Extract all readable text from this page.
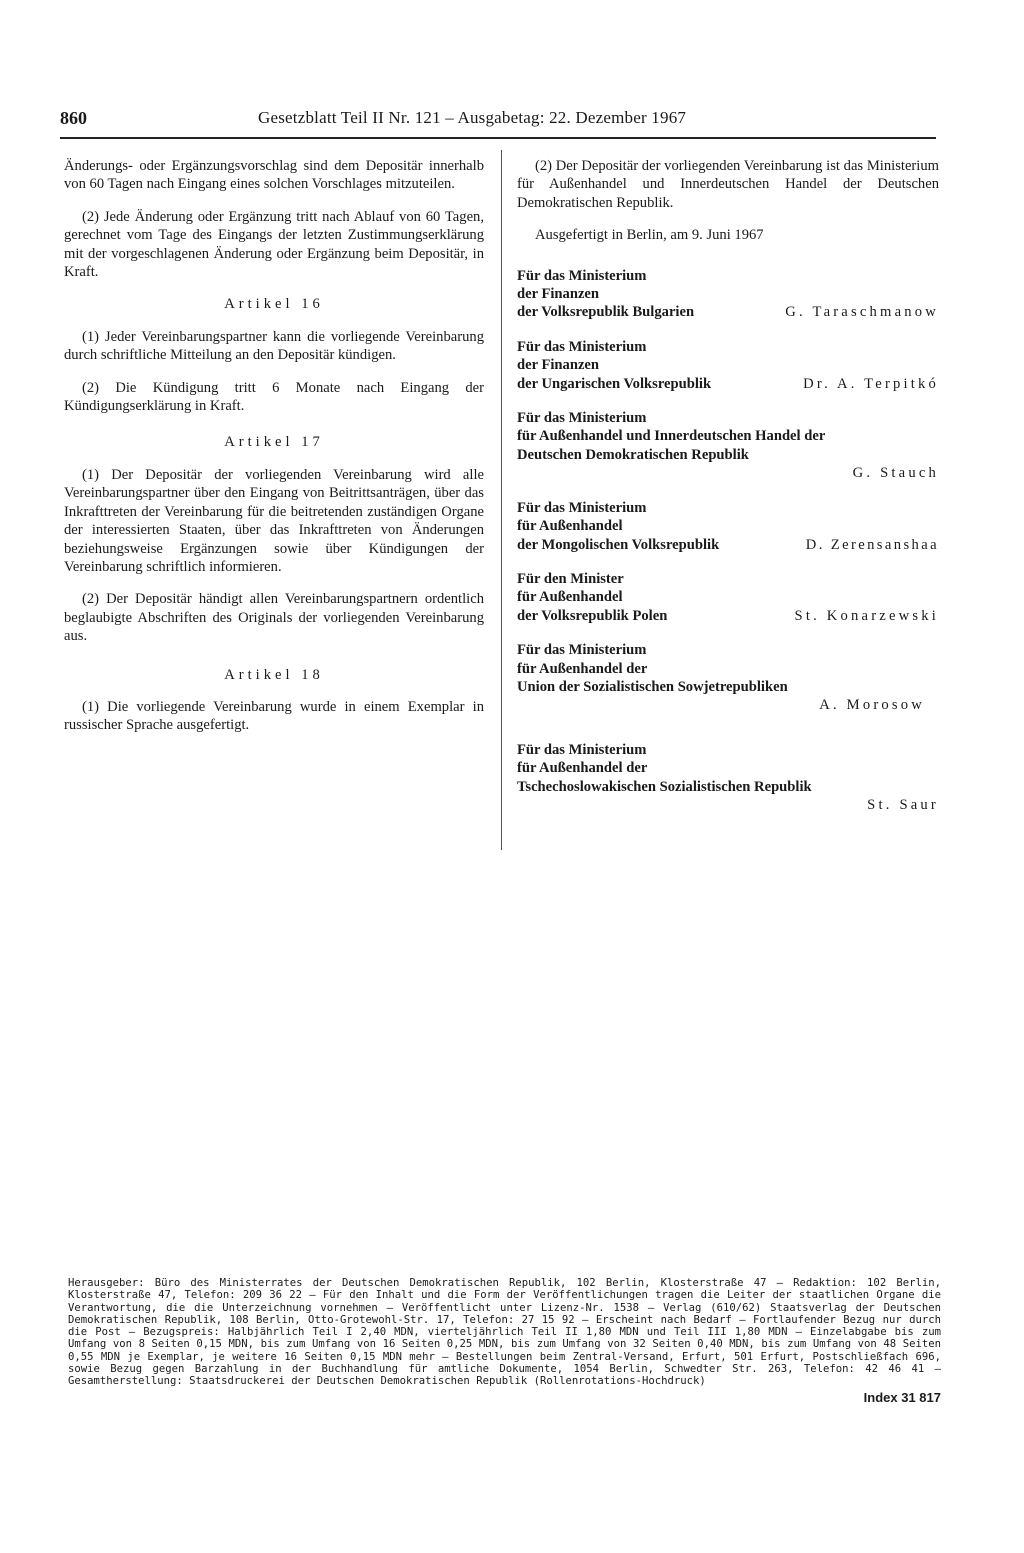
860	Gesetzblatt Teil II Nr. 121 – Ausgabetag: 22. Dezember 1967

Änderungs- oder Ergänzungsvorschlag sind dem Depositär innerhalb von 60 Tagen nach Eingang eines solchen Vorschlages mitzuteilen.

(2) Jede Änderung oder Ergänzung tritt nach Ablauf von 60 Tagen, gerechnet vom Tage des Eingangs der letzten Zustimmungserklärung mit der vorgeschlagenen Änderung oder Ergänzung beim Depositär, in Kraft.

Artikel 16

(1) Jeder Vereinbarungspartner kann die vorliegende Vereinbarung durch schriftliche Mitteilung an den Depositär kündigen.

(2) Die Kündigung tritt 6 Monate nach Eingang der Kündigungserklärung in Kraft.

Artikel 17

(1) Der Depositär der vorliegenden Vereinbarung wird alle Vereinbarungspartner über den Eingang von Beitrittsanträgen, über das Inkrafttreten der Vereinbarung für die beitretenden zuständigen Organe der interessierten Staaten, über das Inkrafttreten von Änderungen beziehungsweise Ergänzungen sowie über Kündigungen der Vereinbarung schriftlich informieren.

(2) Der Depositär händigt allen Vereinbarungspartnern ordentlich beglaubigte Abschriften des Originals der vorliegenden Vereinbarung aus.

Artikel 18

(1) Die vorliegende Vereinbarung wurde in einem Exemplar in russischer Sprache ausgefertigt.

(2) Der Depositär der vorliegenden Vereinbarung ist das Ministerium für Außenhandel und Innerdeutschen Handel der Deutschen Demokratischen Republik.

Ausgefertigt in Berlin, am 9. Juni 1967

Für das Ministerium
der Finanzen
der Volksrepublik Bulgarien	G. Taraschmanow
Für das Ministerium
der Finanzen
der Ungarischen Volksrepublik	Dr. A. Terpitkó
Für das Ministerium
für Außenhandel und Innerdeutschen Handel der
Deutschen Demokratischen Republik
G. Stauch
Für das Ministerium
für Außenhandel
der Mongolischen Volksrepublik	D. Zerensanshaa
Für den Minister
für Außenhandel
der Volksrepublik Polen	St. Konarzewski
Für das Ministerium
für Außenhandel der
Union der Sozialistischen Sowjetrepubliken
A. Morosow
Für das Ministerium
für Außenhandel der
Tschechoslowakischen Sozialistischen Republik
St. Saur
Herausgeber: Büro des Ministerrates der Deutschen Demokratischen Republik, 102 Berlin, Klosterstraße 47 – Redaktion: 102 Berlin, Klosterstraße 47, Telefon: 209 36 22 – Für den Inhalt und die Form der Veröffentlichungen tragen die Leiter der staatlichen Organe die Verantwortung, die die Unterzeichnung vornehmen – Veröffentlicht unter Lizenz-Nr. 1538 – Verlag (610/62) Staatsverlag der Deutschen Demokratischen Republik, 108 Berlin, Otto-Grotewohl-Str. 17, Telefon: 27 15 92 – Erscheint nach Bedarf – Fortlaufender Bezug nur durch die Post – Bezugspreis: Halbjährlich Teil I 2,40 MDN, vierteljährlich Teil II 1,80 MDN und Teil III 1,80 MDN – Einzelabgabe bis zum Umfang von 8 Seiten 0,15 MDN, bis zum Umfang von 16 Seiten 0,25 MDN, bis zum Umfang von 32 Seiten 0,40 MDN, bis zum Umfang von 48 Seiten 0,55 MDN je Exemplar, je weitere 16 Seiten 0,15 MDN mehr – Bestellungen beim Zentral-Versand, Erfurt, 501 Erfurt, Postschließfach 696, sowie Bezug gegen Barzahlung in der Buchhandlung für amtliche Dokumente, 1054 Berlin, Schwedter Str. 263, Telefon: 42 46 41 – Gesamtherstellung: Staatsdruckerei der Deutschen Demokratischen Republik (Rollenrotations-Hochdruck)
Index 31 817
